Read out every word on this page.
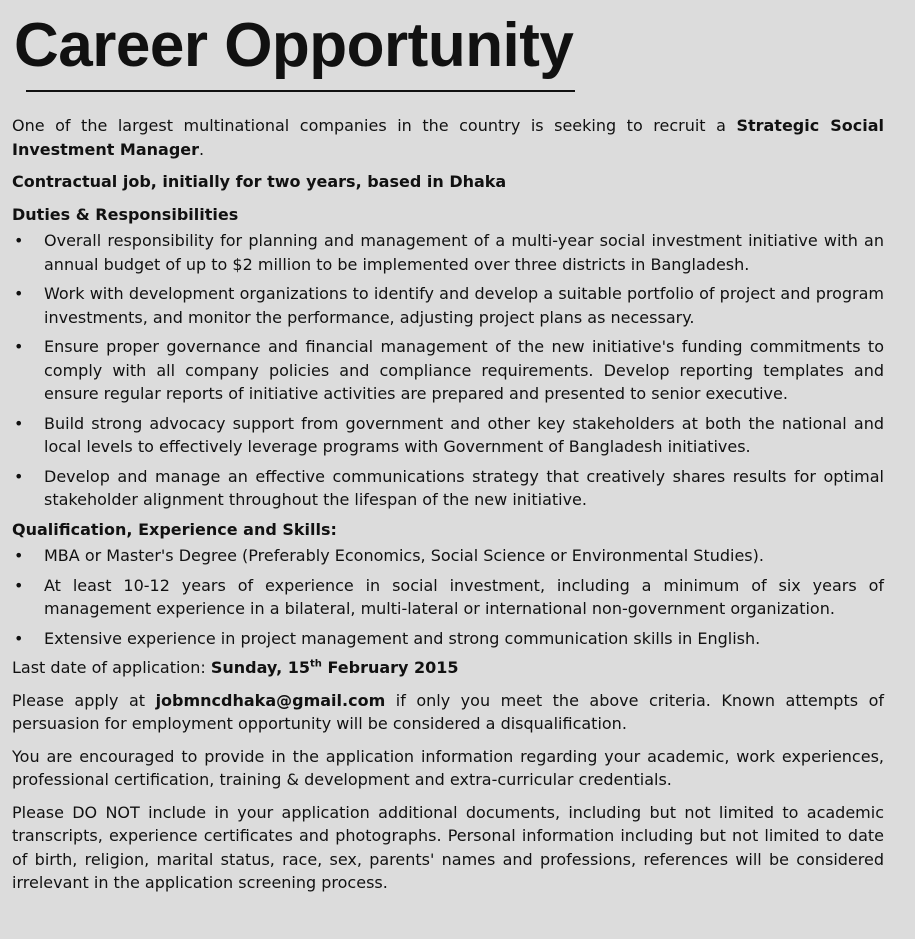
Career Opportunity

One of the largest multinational companies in the country is seeking to recruit a Strategic Social Investment Manager.

Contractual job, initially for two years, based in Dhaka

Duties & Responsibilities

• Overall responsibility for planning and management of a multi-year social investment initiative with an annual budget of up to $2 million to be implemented over three districts in Bangladesh.
• Work with development organizations to identify and develop a suitable portfolio of project and program investments, and monitor the performance, adjusting project plans as necessary.
• Ensure proper governance and financial management of the new initiative's funding commitments to comply with all company policies and compliance requirements. Develop reporting templates and ensure regular reports of initiative activities are prepared and presented to senior executive.
• Build strong advocacy support from government and other key stakeholders at both the national and local levels to effectively leverage programs with Government of Bangladesh initiatives.
• Develop and manage an effective communications strategy that creatively shares results for optimal stakeholder alignment throughout the lifespan of the new initiative.

Qualification, Experience and Skills:

• MBA or Master's Degree (Preferably Economics, Social Science or Environmental Studies).
• At least 10-12 years of experience in social investment, including a minimum of six years of management experience in a bilateral, multi-lateral or international non-government organization.
• Extensive experience in project management and strong communication skills in English.

Last date of application: Sunday, 15th February 2015

Please apply at jobmncdhaka@gmail.com if only you meet the above criteria. Known attempts of persuasion for employment opportunity will be considered a disqualification.

You are encouraged to provide in the application information regarding your academic, work experiences, professional certification, training & development and extra-curricular credentials.

Please DO NOT include in your application additional documents, including but not limited to academic transcripts, experience certificates and photographs. Personal information including but not limited to date of birth, religion, marital status, race, sex, parents' names and professions, references will be considered irrelevant in the application screening process.
